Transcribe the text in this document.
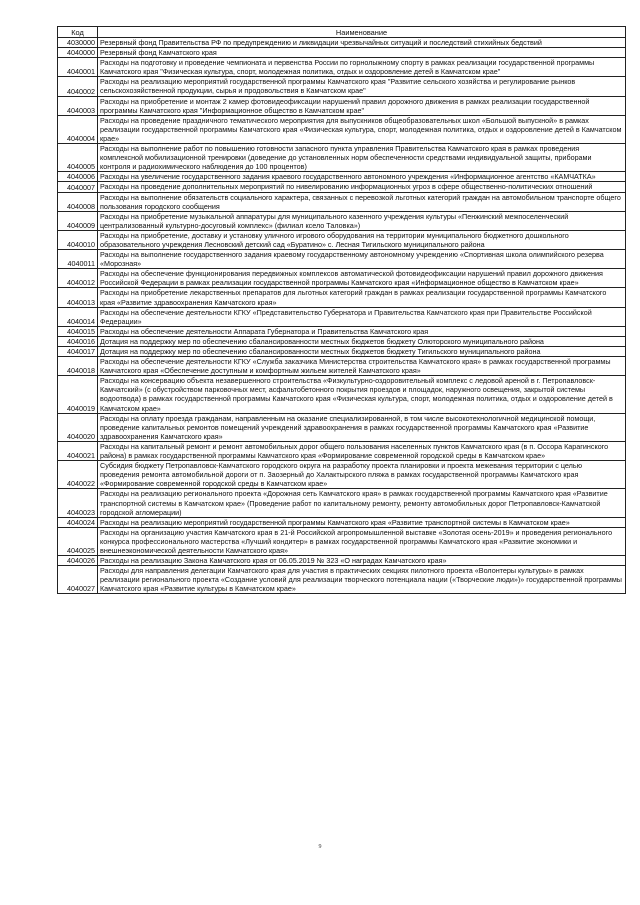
Код	Наименование
4030000	Резервный фонд Правительства РФ по предупреждению и ликвидации чрезвычайных ситуаций и последствий стихийных бедствий
4040000	Резервный фонд Камчатского края
4040001	Расходы на подготовку и проведение чемпионата и первенства России по горнолыжному спорту в рамках реализации государственной программы Камчатского края "Физическая культура, спорт, молодежная политика, отдых и оздоровление детей в Камчатском крае"
4040002	Расходы на реализацию мероприятий государственной программы Камчатского края "Развитие сельского хозяйства и регулирование рынков сельскохозяйственной продукции, сырья и продовольствия в Камчатском крае"
4040003	Расходы на приобретение и монтаж 2 камер фотовидеофиксации нарушений правил дорожного движения в рамках реализации государственной программы Камчатского края "Информационное общество в Камчатском крае"
4040004	Расходы на проведение праздничного тематического мероприятия для выпускников общеобразовательных школ «Большой выпускной» в рамках реализации государственной программы Камчатского края «Физическая культура, спорт, молодежная политика, отдых и оздоровление детей в Камчатском крае»
4040005	Расходы на выполнение работ по повышению готовности запасного пункта управления Правительства Камчатского края в рамках проведения комплексной мобилизационной тренировки (доведение до установленных норм обеспеченности средствами индивидуальной защиты, приборами контроля и радиохимического наблюдения до 100 процентов)
4040006	Расходы на увеличение государственного задания краевого государственного автономного учреждения «Информационное агентство «КАМЧАТКА»
4040007	Расходы на проведение дополнительных мероприятий по нивелированию информационных угроз в сфере общественно-политических отношений
4040008	Расходы на выполнение обязательств социального характера, связанных с перевозкой льготных категорий граждан на автомобильном транспорте общего пользования городского сообщения
4040009	Расходы на приобретение музыкальной аппаратуры для муниципального казенного учреждения культуры «Пенжинский межпоселенческий централизованный культурно-досуговый комплекс» (филиал ксело Таловка»)
4040010	Расходы на приобретение, доставку и установку уличного игрового оборудования на территории муниципального бюджетного дошкольного образовательного учреждения Лесновский детский сад «Буратино» с. Лесная Тигильского муниципального района
4040011	Расходы на выполнение государственного задания краевому государственному автономному учреждению «Спортивная школа олимпийского резерва «Морозная»
4040012	Расходы на обеспечение функционирования передвижных комплексов автоматической фотовидеофиксации нарушений правил дорожного движения Российской Федерации в рамках реализации государственной программы Камчатского края «Информационное общество в Камчатском крае»
4040013	Расходы на приобретение лекарственных препаратов для льготных категорий граждан в рамках реализации государственной программы Камчатского края «Развитие здравоохранения Камчатского края»
4040014	Расходы на обеспечение деятельности КГКУ «Представительство Губернатора и Правительства Камчатского края при Правительстве Российской Федерации»
4040015	Расходы на обеспечение деятельности Аппарата Губернатора и Правительства Камчатского края
4040016	Дотация на поддержку мер по обеспечению сбалансированности местных бюджетов бюджету Олюторского муниципального района
4040017	Дотация на поддержку мер по обеспечению сбалансированности местных бюджетов бюджету Тигильского муниципального района
4040018	Расходы на обеспечение деятельности КГКУ «Служба заказчика Министерства строительства Камчатского края» в рамках государственной программы Камчатского края «Обеспечение доступным и комфортным жильем жителей Камчатского края»
4040019	Расходы на консервацию объекта незавершенного строительства «Физкультурно-оздоровительный комплекс с ледовой ареной в г. Петропавловск-Камчатский» (с обустройством парковочных мест, асфальтобетонного покрытия проездов и площадок, наружного освещения, закрытой системы водоотвода) в рамках государственной программы Камчатского края «Физическая культура, спорт, молодежная политика, отдых и оздоровление детей в Камчатском крае»
4040020	Расходы на оплату проезда гражданам, направленным на оказание специализированной, в том числе высокотехнологичной медицинской помощи, проведение капитальных ремонтов помещений учреждений здравоохранения в рамках государственной программы Камчатского края «Развитие здравоохранения Камчатского края»
4040021	Расходы на капитальный ремонт и ремонт автомобильных дорог общего пользования населенных пунктов Камчатского края (в п. Оссора Карагинского района) в рамках государственной программы Камчатского края «Формирование современной городской среды в Камчатском крае»
4040022	Субсидия бюджету Петропавловск-Камчатского городского округа на разработку проекта планировки и проекта межевания территории с целью проведения ремонта автомобильной дороги от п. Заозерный до Халактырского пляжа в рамках государственной программы Камчатского края «Формирование современной городской среды в Камчатском крае»
4040023	Расходы на реализацию регионального проекта «Дорожная сеть Камчатского края» в рамках государственной программы Камчатского края «Развитие транспортной системы в Камчатском крае» (Проведение работ по капитальному ремонту, ремонту автомобильных дорог Петропавловск-Камчатской городской агломерации)
4040024	Расходы на реализацию мероприятий государственной программы Камчатского края «Развитие транспортной системы в Камчатском крае»
4040025	Расходы на организацию участия Камчатского края в 21-й Российской агропромышленной выставке «Золотая осень-2019» и проведения регионального конкурса профессионального мастерства «Лучший кондитер» в рамках государственной программы Камчатского края «Развитие экономики и внешнеэкономической деятельности Камчатского края»
4040026	Расходы на реализацию Закона Камчатского края от 06.05.2019 № 323 «О наградах Камчатского края»
4040027	Расходы для направления делегации Камчатского края для участия в практических секциях пилотного проекта «Волонтеры культуры» в рамках реализации регионального проекта «Создание условий для реализации творческого потенциала нации («Творческие люди»)» государственной программы Камчатского края «Развитие культуры в Камчатском крае»
9
